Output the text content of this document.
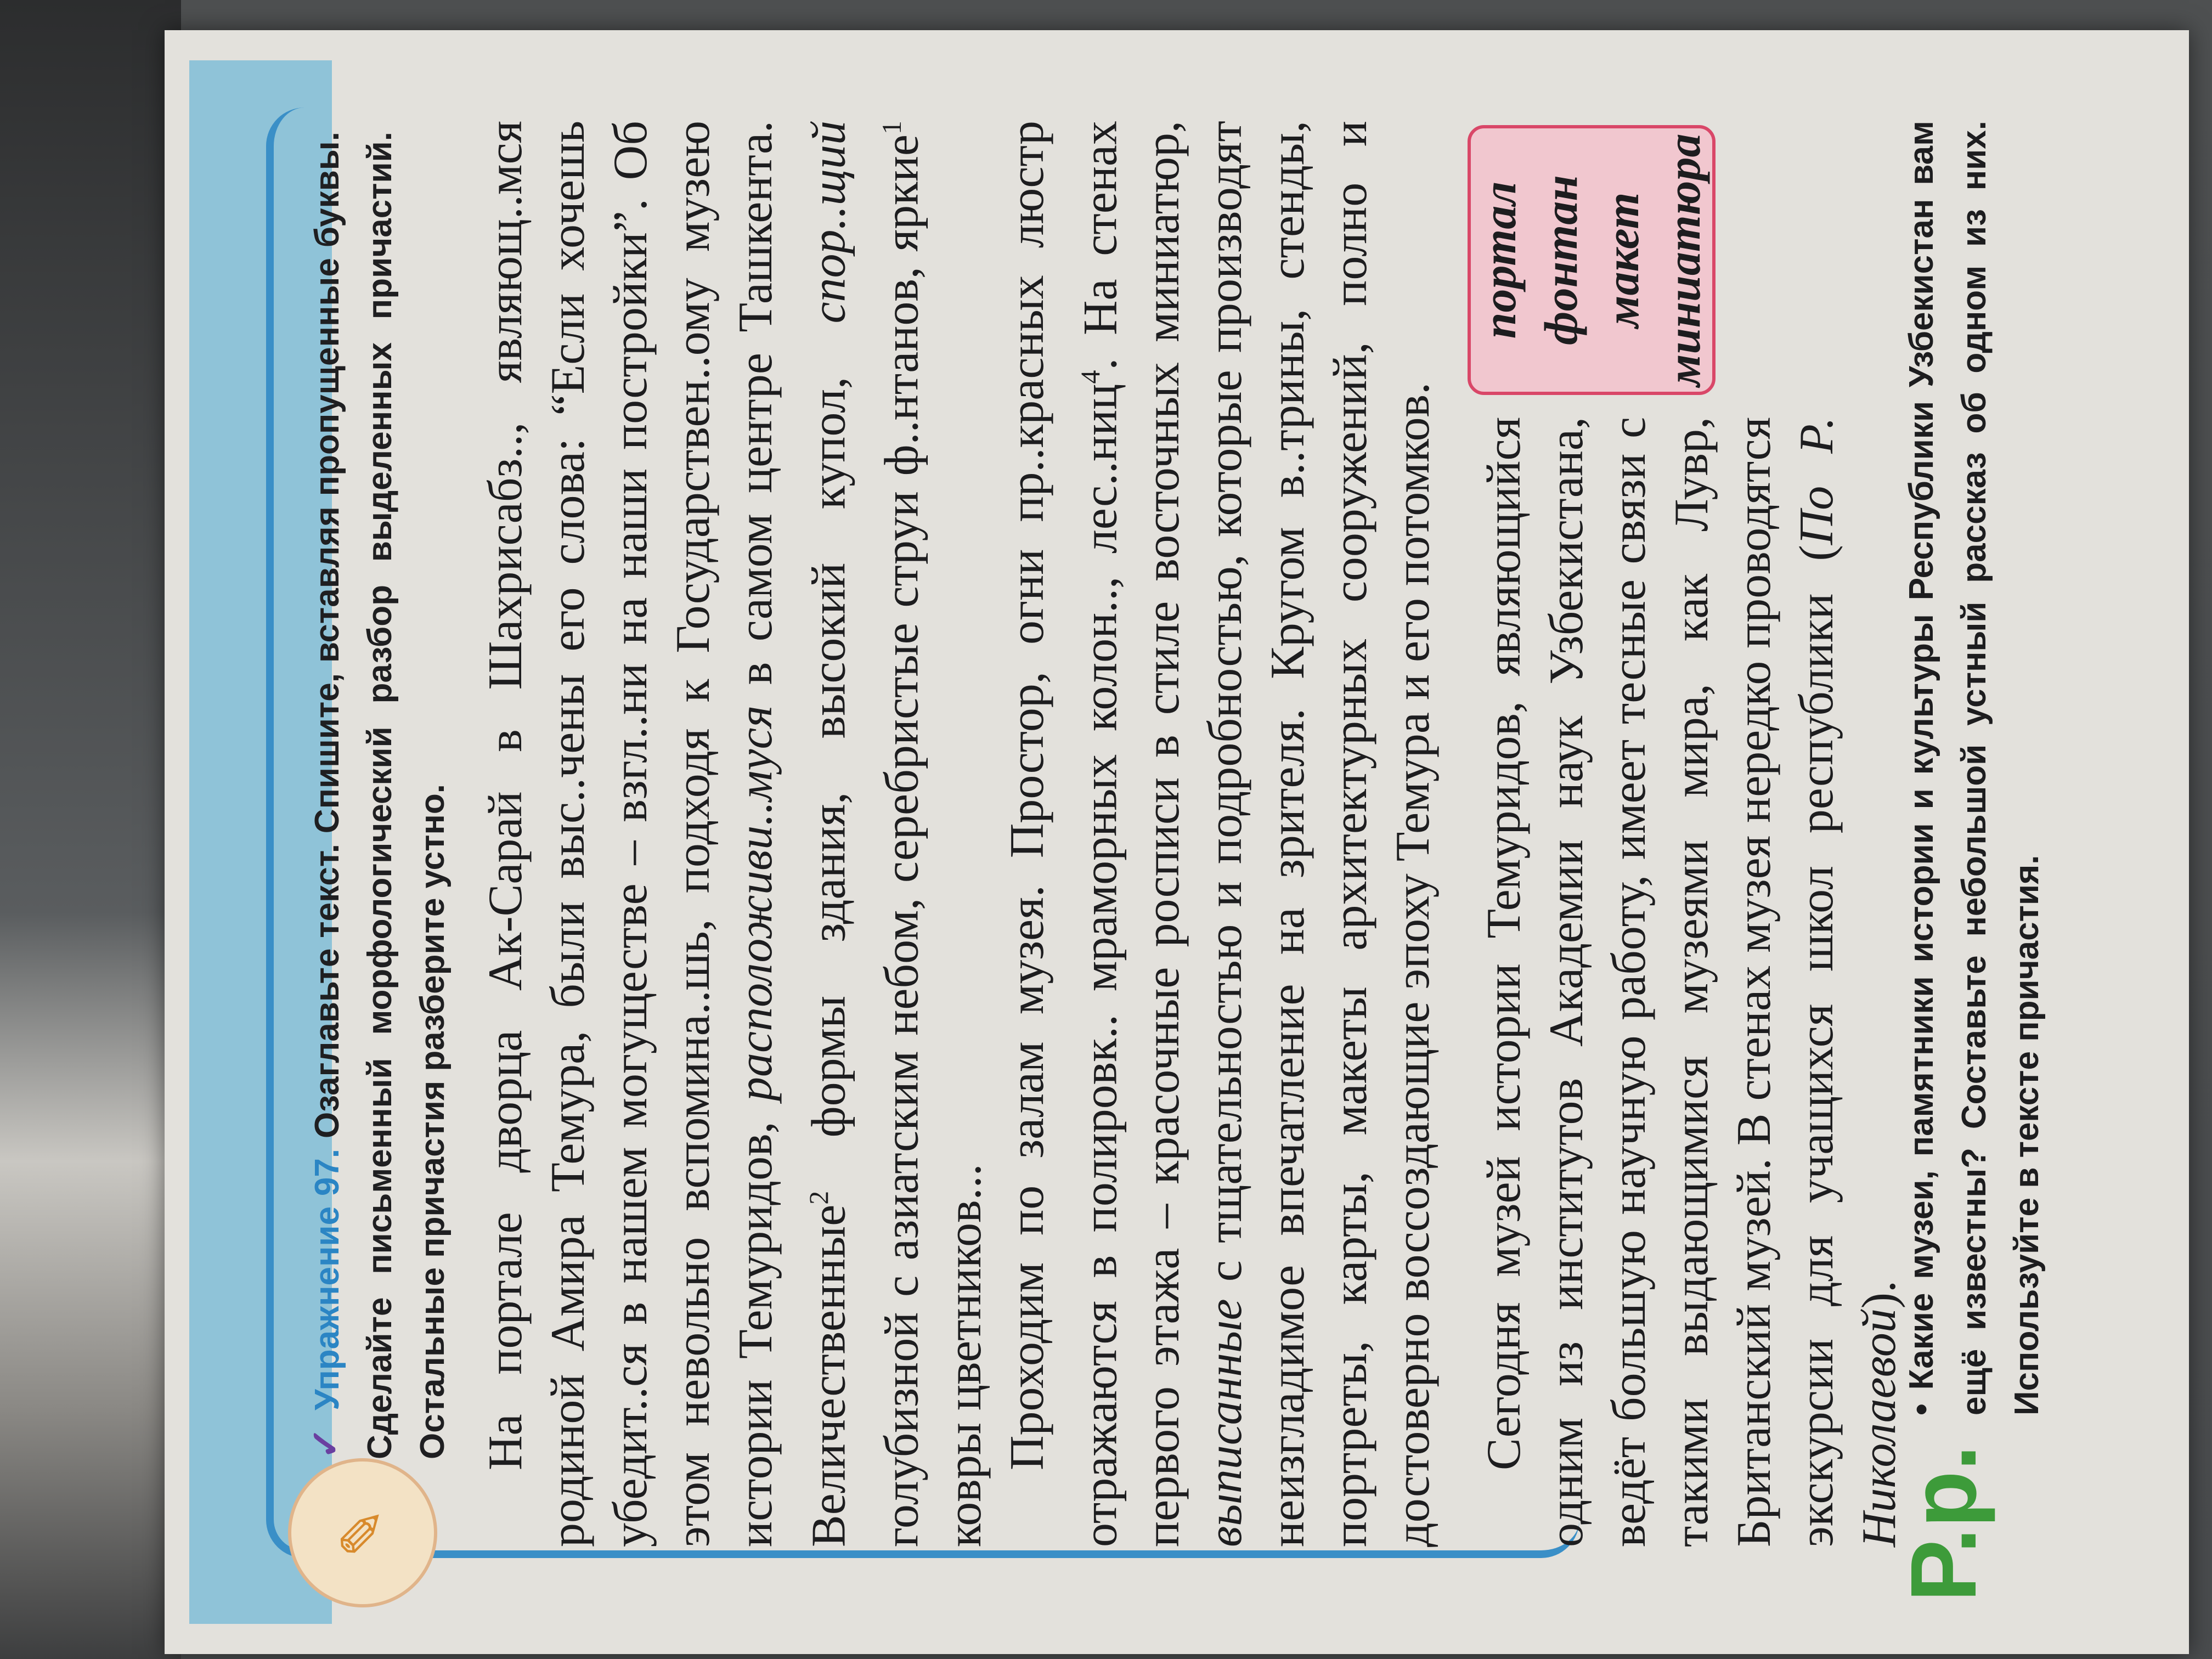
✎
✓ Упражнение 97. Озаглавьте текст. Спишите, вставляя пропущенные буквы. Сделайте письменный морфологический разбор выделенных причастий. Остальные причастия разберите устно. На портале дворца Ак-Сарай в Шахрисабз.., являющ..мся родиной Амира Темура, были выс..чены его слова: “Если хочешь убедит..ся в нашем могуществе – взгл..ни на наши постройки”. Об этом невольно вспомина..шь, подходя к Государствен..ому музею истории Темуридов, расположиви..муся в самом центре Ташкента. Величественные$^2$ формы здания, высокий купол, спор..щий голубизной с азиатским небом, серебристые струи ф..нтанов, яркие$^1$ ковры цветников... Проходим по залам музея. Простор, огни пр..красных люстр отражаются в полировк.. мраморных колон.., лес..ниц$^4$. На стенах первого этажа – красочные росписи в стиле восточных миниатюр, выписанные с тщательностью и подробностью, которые производят неизгладимое впечатление на зрителя. Кругом в..трины, стенды, портреты, карты, макеты архитектурных сооружений, полно и достоверно воссоздающие эпоху Темура и его потомков. Сегодня музей истории Темуридов, являющийся одним из институтов Академии наук Узбекистана, ведёт большую научную работу, имеет тесные связи с такими выдающимися музеями мира, как Лувр, Британский музей. В стенах музея нередко проводятся экскурсии для учащихся школ республики (По Р. Николаевой).

портал фонтан макет миниатюра
Р.р.
• Какие музеи, памятники истории и культуры Республики Узбекистан вам ещё известны? Составьте небольшой устный рассказ об одном из них. Используйте в тексте причастия.
